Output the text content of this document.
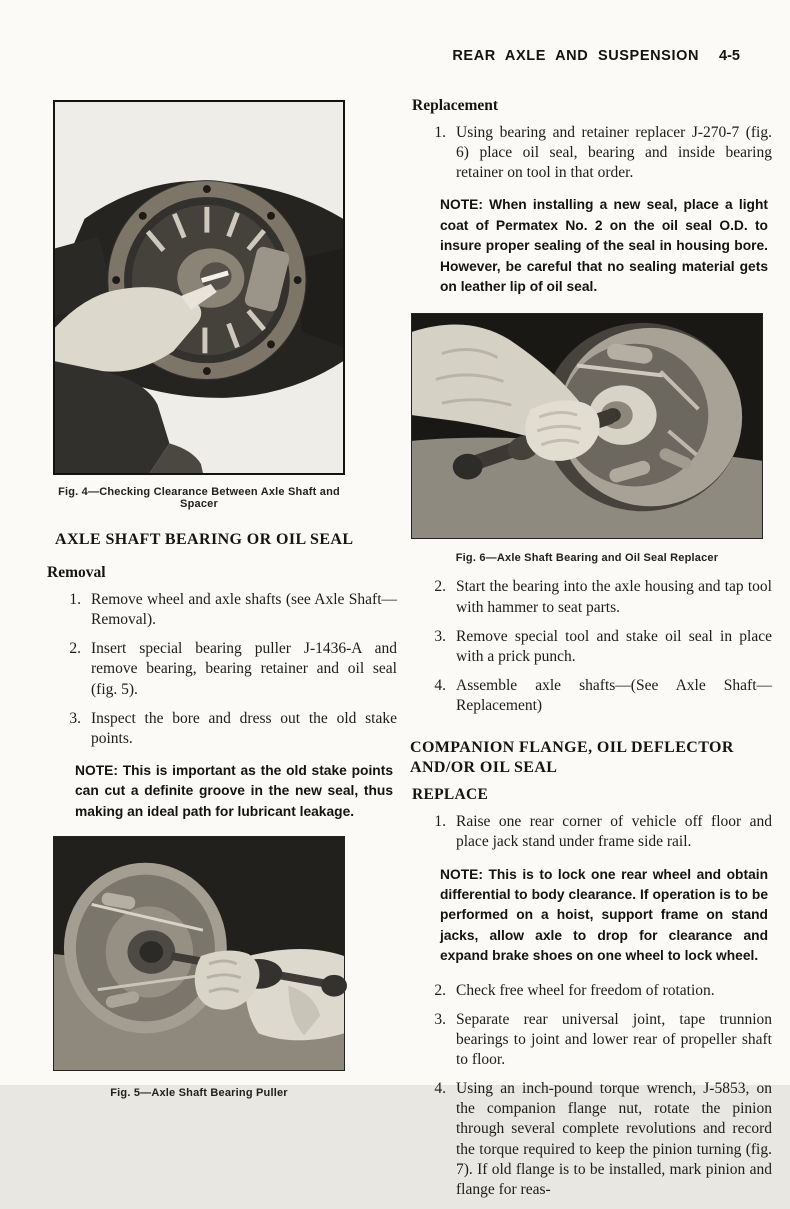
REAR AXLE AND SUSPENSION 4-5
Fig. 4—Checking Clearance Between Axle Shaft and Spacer
AXLE SHAFT BEARING OR OIL SEAL
Removal
1. Remove wheel and axle shafts (see Axle Shaft—Removal).
2. Insert special bearing puller J-1436-A and remove bearing, bearing retainer and oil seal (fig. 5).
3. Inspect the bore and dress out the old stake points.

NOTE: This is important as the old stake points can cut a definite groove in the new seal, thus making an ideal path for lubricant leakage.

Fig. 5—Axle Shaft Bearing Puller
Replacement
1. Using bearing and retainer replacer J-270-7 (fig. 6) place oil seal, bearing and inside bearing retainer on tool in that order.

NOTE: When installing a new seal, place a light coat of Permatex No. 2 on the oil seal O.D. to insure proper sealing of the seal in housing bore. However, be careful that no sealing material gets on leather lip of oil seal.

Fig. 6—Axle Shaft Bearing and Oil Seal Replacer
2. Start the bearing into the axle housing and tap tool with hammer to seat parts.
3. Remove special tool and stake oil seal in place with a prick punch.
4. Assemble axle shafts—(See Axle Shaft—Replacement)
COMPANION FLANGE, OIL DEFLECTOR AND/OR OIL SEAL
REPLACE
1. Raise one rear corner of vehicle off floor and place jack stand under frame side rail.

NOTE: This is to lock one rear wheel and obtain differential to body clearance. If operation is to be performed on a hoist, support frame on stand jacks, allow axle to drop for clearance and expand brake shoes on one wheel to lock wheel.

2. Check free wheel for freedom of rotation.
3. Separate rear universal joint, tape trunnion bearings to joint and lower rear of propeller shaft to floor.
4. Using an inch-pound torque wrench, J-5853, on the companion flange nut, rotate the pinion through several complete revolutions and record the torque required to keep the pinion turning (fig. 7). If old flange is to be installed, mark pinion and flange for reas-
